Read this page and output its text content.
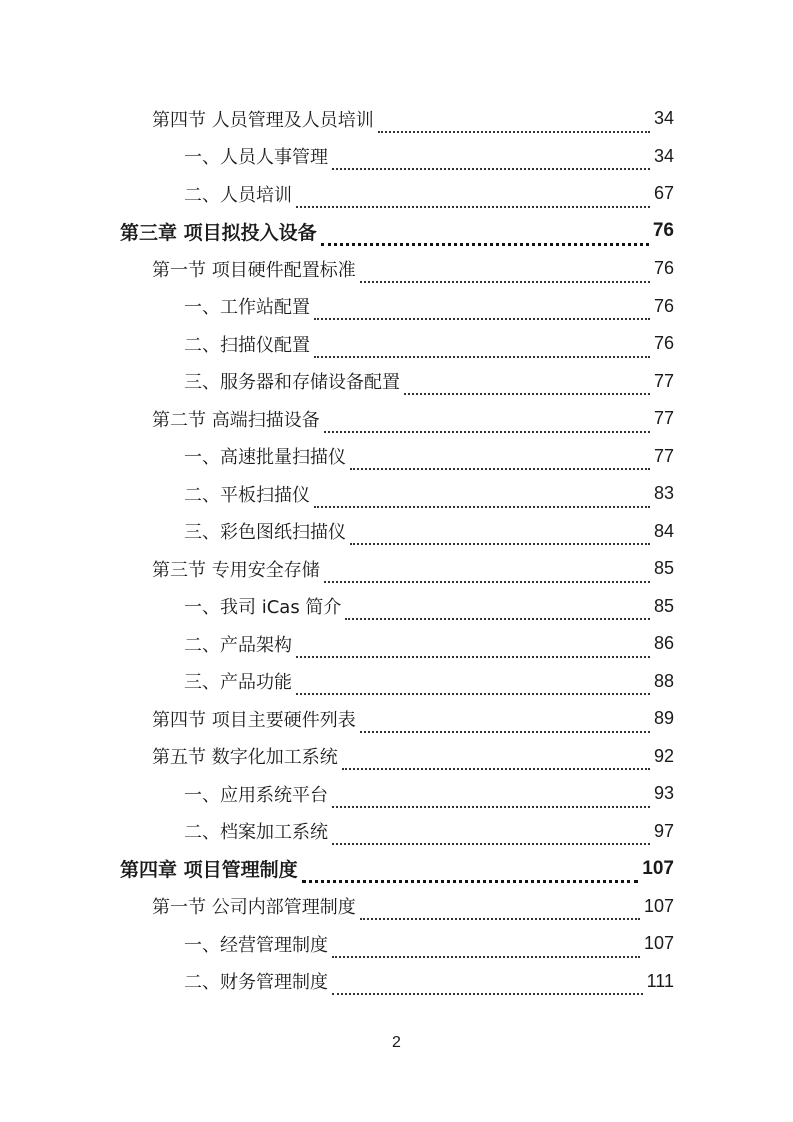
第四节 人员管理及人员培训	34
一、人员人事管理	34
二、人员培训	67
第三章 项目拟投入设备	76
第一节 项目硬件配置标准	76
一、工作站配置	76
二、扫描仪配置	76
三、服务器和存储设备配置	77
第二节 高端扫描设备	77
一、高速批量扫描仪	77
二、平板扫描仪	83
三、彩色图纸扫描仪	84
第三节 专用安全存储	85
一、我司 iCas 简介	85
二、产品架构	86
三、产品功能	88
第四节 项目主要硬件列表	89
第五节 数字化加工系统	92
一、应用系统平台	93
二、档案加工系统	97
第四章 项目管理制度	107
第一节 公司内部管理制度	107
一、经营管理制度	107
二、财务管理制度	111
2
